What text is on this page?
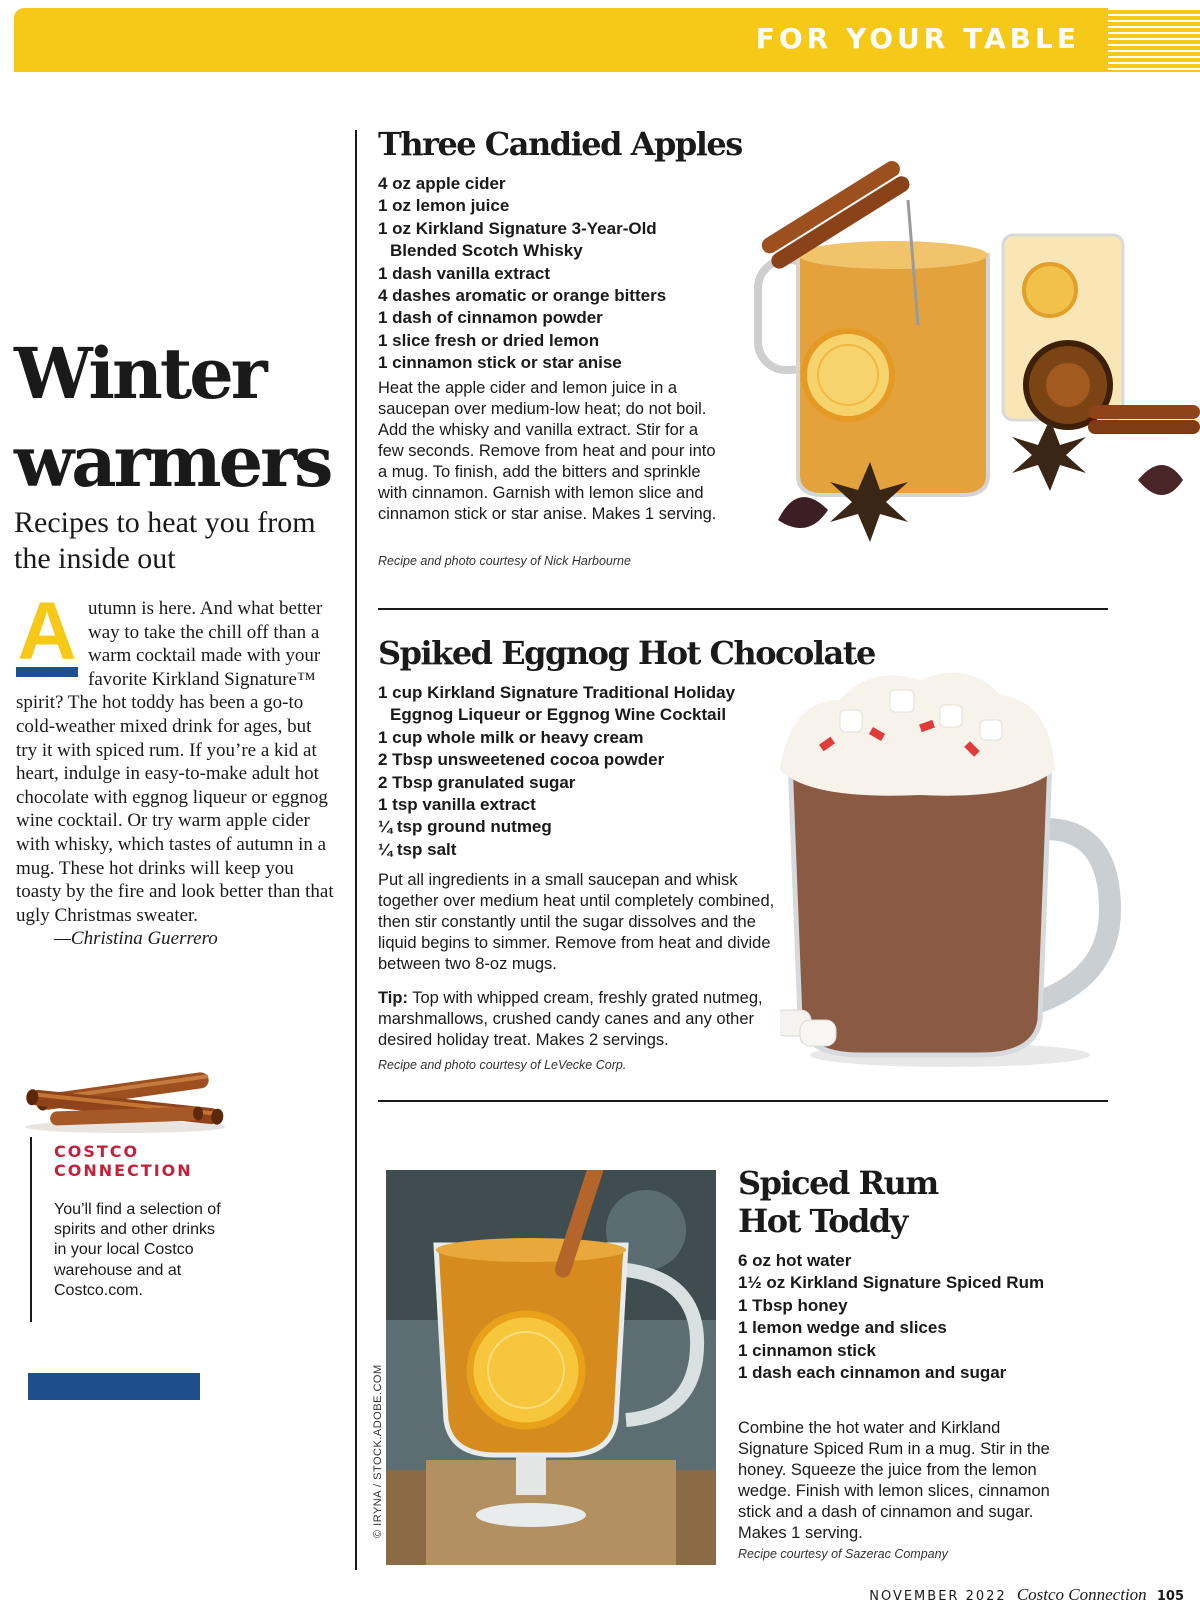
FOR YOUR TABLE
Winter
warmers

Recipes to heat you from the inside out

A utumn is here. And what better way to take the chill off than a warm cocktail made with your favorite Kirkland Signature™ spirit? The hot toddy has been a go-to cold-weather mixed drink for ages, but try it with spiced rum. If you’re a kid at heart, indulge in easy-to-make adult hot chocolate with eggnog liqueur or eggnog wine cocktail. Or try warm apple cider with whisky, which tastes of autumn in a mug. These hot drinks will keep you toasty by the fire and look better than that ugly Christmas sweater.
—Christina Guerrero
COSTCO CONNECTION

You’ll find a selection of spirits and other drinks in your local Costco warehouse and at Costco.com.

Three Candied Apples
4 oz apple cider
1 oz lemon juice
1 oz Kirkland Signature 3-Year-Old Blended Scotch Whisky
1 dash vanilla extract
4 dashes aromatic or orange bitters
1 dash of cinnamon powder
1 slice fresh or dried lemon
1 cinnamon stick or star anise

Heat the apple cider and lemon juice in a saucepan over medium-low heat; do not boil. Add the whisky and vanilla extract. Stir for a few seconds. Remove from heat and pour into a mug. To finish, add the bitters and sprinkle with cinnamon. Garnish with lemon slice and cinnamon stick or star anise. Makes 1 serving.

Recipe and photo courtesy of Nick Harbourne

Spiked Eggnog Hot Chocolate
1 cup Kirkland Signature Traditional Holiday Eggnog Liqueur or Eggnog Wine Cocktail
1 cup whole milk or heavy cream
2 Tbsp unsweetened cocoa powder
2 Tbsp granulated sugar
1 tsp vanilla extract
¼ tsp ground nutmeg
¼ tsp salt

Put all ingredients in a small saucepan and whisk together over medium heat until completely combined, then stir constantly until the sugar dissolves and the liquid begins to simmer. Remove from heat and divide between two 8-oz mugs.

Tip: Top with whipped cream, freshly grated nutmeg, marshmallows, crushed candy canes and any other desired holiday treat. Makes 2 servings.

Recipe and photo courtesy of LeVecke Corp.

© IRYNA / STOCK.ADOBE.COM
Spiced Rum
Hot Toddy
6 oz hot water
1½ oz Kirkland Signature Spiced Rum
1 Tbsp honey
1 lemon wedge and slices
1 cinnamon stick
1 dash each cinnamon and sugar

Combine the hot water and Kirkland Signature Spiced Rum in a mug. Stir in the honey. Squeeze the juice from the lemon wedge. Finish with lemon slices, cinnamon stick and a dash of cinnamon and sugar. Makes 1 serving.

Recipe courtesy of Sazerac Company

NOVEMBER 2022 Costco Connection 105
